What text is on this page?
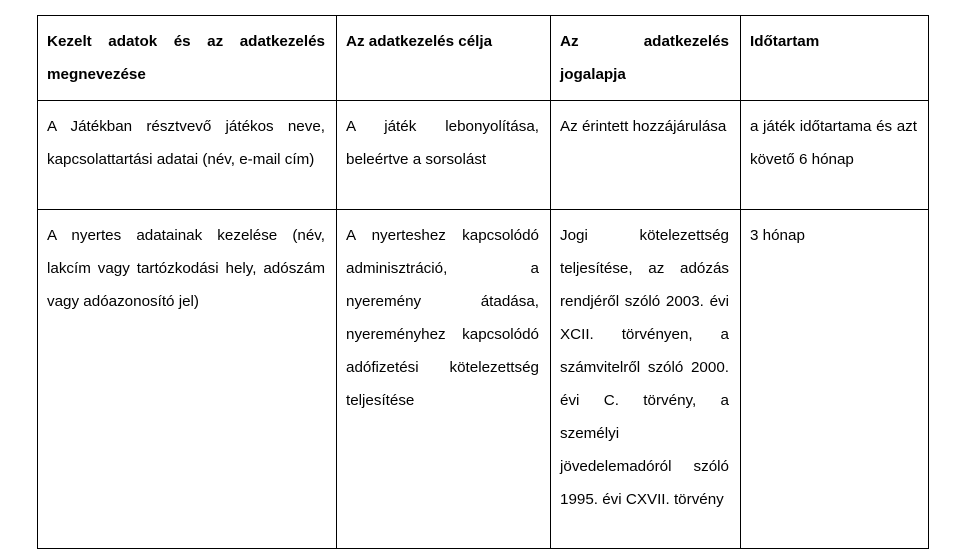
Kezelt adatok és az adatkezelés megnevezése	Az adatkezelés célja	Az adatkezelés jogalapja	Időtartam

A Játékban résztvevő játékos neve, kapcsolattartási adatai (név, e-mail cím)	A játék lebonyolítása, beleértve a sorsolást	Az érintett hozzájárulása	a játék időtartama és azt követő 6 hónap

A nyertes adatainak kezelése (név, lakcím vagy tartózkodási hely, adószám vagy adóazonosító jel)	A nyerteshez kapcsolódó adminisztráció, a nyeremény átadása, nyereményhez kapcsolódó adófizetési kötelezettség teljesítése	Jogi kötelezettség teljesítése, az adózás rendjéről szóló 2003. évi XCII. törvényen, a számvitelről szóló 2000. évi C. törvény, a személyi jövedelemadóról szóló 1995. évi CXVII. törvény	3 hónap
